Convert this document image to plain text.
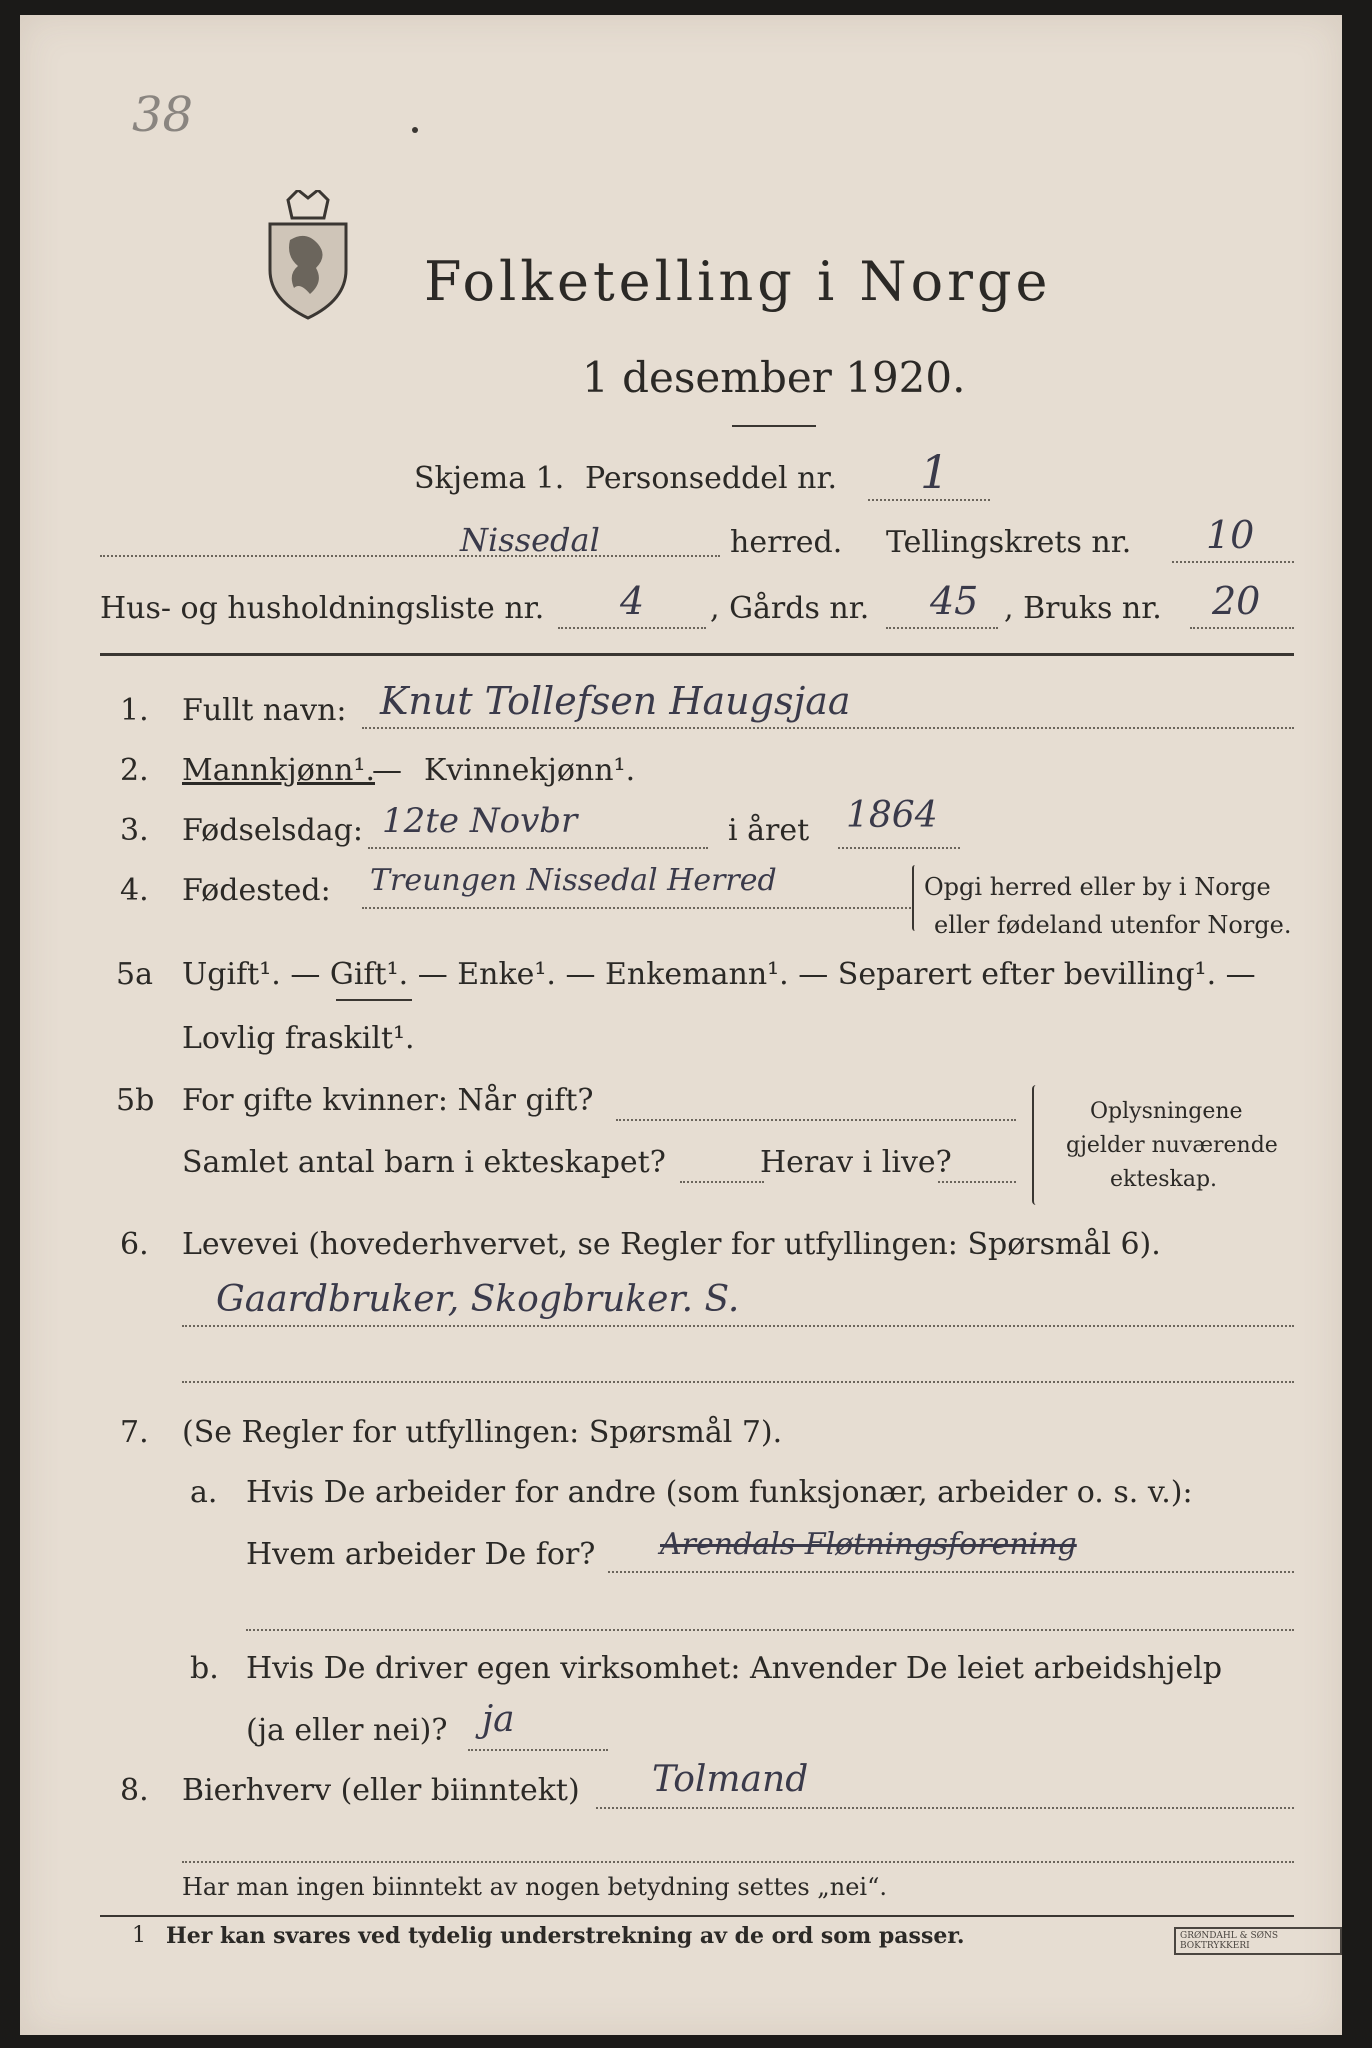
38
Folketelling i Norge
1 desember 1920.
Skjema 1. Personseddel nr. 1
Nissedal	herred. Tellingskrets nr. 10
Hus- og husholdningsliste nr. 4 , Gårds nr. 45 , Bruks nr. 20
1. Fullt navn: Knut Tollefsen Haugsjaa
2. Mannkjønn¹.
— Kvinnekjønn¹.
3. Fødselsdag: 12te Novbr	i året 1864
4. Fødested: Treungen Nissedal Herred	Opgi herred eller by i Norge
eller fødeland utenfor Norge.
5a Ugift¹. — Gift¹. — Enke¹. — Enkemann¹. — Separert efter bevilling¹. —
Lovlig fraskilt¹.
5b For gifte kvinner: Når gift?
Samlet antal barn i ekteskapet?	Herav i live?
Oplysningene
gjelder nuværende
ekteskap.
6. Levevei (hovederhvervet, se Regler for utfyllingen: Spørsmål 6).
Gaardbruker, Skogbruker. S.
7. (Se Regler for utfyllingen: Spørsmål 7).
a. Hvis De arbeider for andre (som funksjonær, arbeider o. s. v.):
Hvem arbeider De for? Arendals Fløtningsforening
b. Hvis De driver egen virksomhet: Anvender De leiet arbeidshjelp
(ja eller nei)? ja
8. Bierhverv (eller biinntekt) Tolmand
Har man ingen biinntekt av nogen betydning settes „nei“.
1 Her kan svares ved tydelig understrekning av de ord som passer.	GRØNDAHL & SØNS BOKTRYKKERI
